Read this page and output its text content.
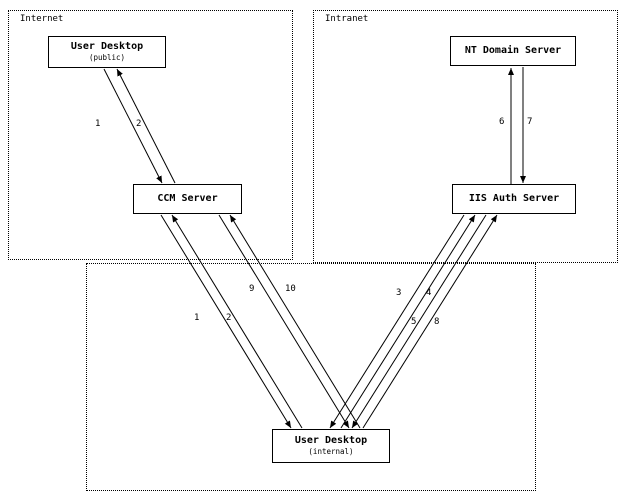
Internet	Intranet
User Desktop
(public)
CCM Server
NT Domain Server
IIS Auth Server
User Desktop
(internal)
1	2	6	7
9	10
1	2
3	4
5 8
